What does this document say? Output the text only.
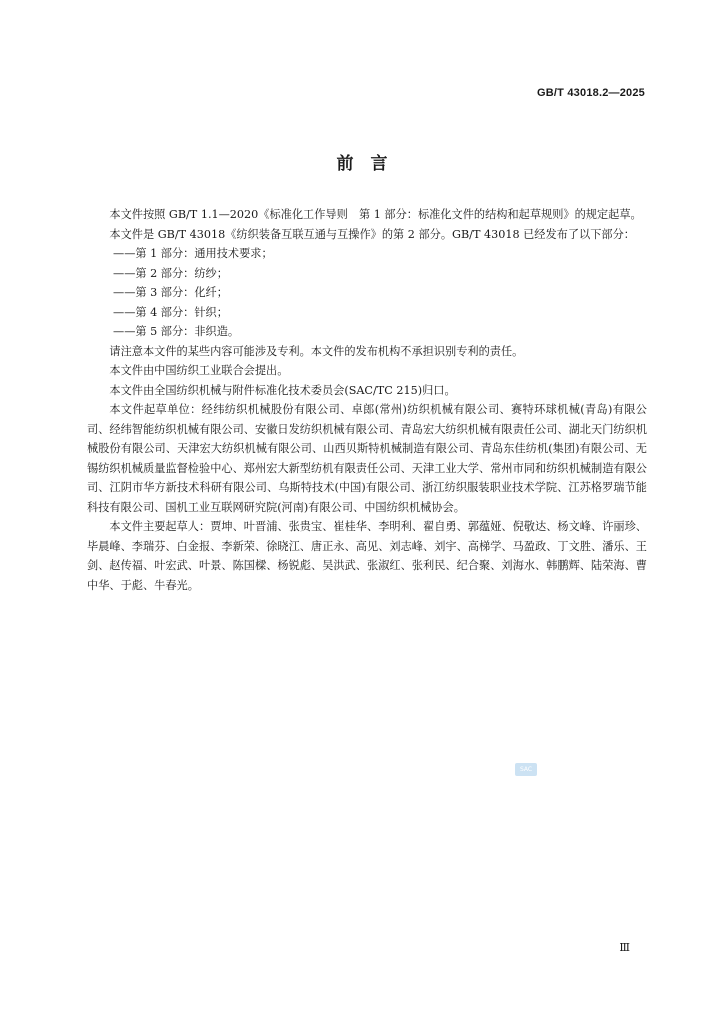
GB/T 43018.2—2025
前　言

本文件按照 GB/T 1.1—2020《标准化工作导则　第 1 部分：标准化文件的结构和起草规则》的规定起草。

本文件是 GB/T 43018《纺织装备互联互通与互操作》的第 2 部分。GB/T 43018 已经发布了以下部分：

——第 1 部分：通用技术要求；
——第 2 部分：纺纱；
——第 3 部分：化纤；
——第 4 部分：针织；
——第 5 部分：非织造。

请注意本文件的某些内容可能涉及专利。本文件的发布机构不承担识别专利的责任。

本文件由中国纺织工业联合会提出。

本文件由全国纺织机械与附件标准化技术委员会(SAC/TC 215)归口。

本文件起草单位：经纬纺织机械股份有限公司、卓郎(常州)纺织机械有限公司、赛特环球机械(青岛)有限公司、经纬智能纺织机械有限公司、安徽日发纺织机械有限公司、青岛宏大纺织机械有限责任公司、湖北天门纺织机械股份有限公司、天津宏大纺织机械有限公司、山西贝斯特机械制造有限公司、青岛东佳纺机(集团)有限公司、无锡纺织机械质量监督检验中心、郑州宏大新型纺机有限责任公司、天津工业大学、常州市同和纺织机械制造有限公司、江阴市华方新技术科研有限公司、乌斯特技术(中国)有限公司、浙江纺织服装职业技术学院、江苏格罗瑞节能科技有限公司、国机工业互联网研究院(河南)有限公司、中国纺织机械协会。

本文件主要起草人：贾坤、叶晋浦、张贵宝、崔桂华、李明利、翟自勇、郭蕴娅、倪敬达、杨文峰、许丽珍、毕晨峰、李瑞芬、白金报、李新荣、徐晓江、唐正永、高见、刘志峰、刘宇、高梯学、马盈政、丁文胜、潘乐、王剑、赵传福、叶宏武、叶景、陈国樑、杨锐彪、吴洪武、张淑红、张利民、纪合聚、刘海水、韩鹏辉、陆荣海、曹中华、于彪、牛春光。

SAC
Ⅲ
